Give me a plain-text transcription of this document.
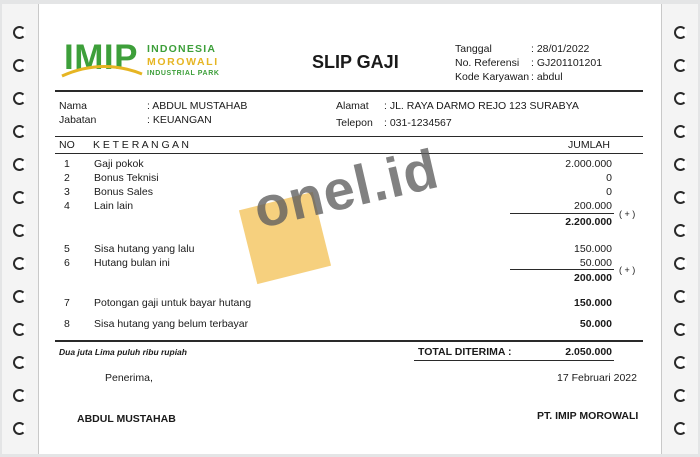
IMIP INDONESIA
MOROWALI
INDUSTRIAL PARK
SLIP GAJI
Tanggal	: 28/01/2022
No. Referensi : GJ201101201
Kode Karyawan : abdul
Nama	: ABDUL MUSTAHAB
Jabatan	: KEUANGAN
Alamat : JL. RAYA DARMO REJO 123 SURABYA
Telepon : 031-1234567
NO K E T E R A N G A N	JUMLAH
1 Gaji pokok	2.000.000
2 Bonus Teknisi	0
3 Bonus Sales	0
4 Lain lain	200.000
2.200.000
( + )
5 Sisa hutang yang lalu	150.000
6 Hutang bulan ini	50.000
200.000
( + )
7 Potongan gaji untuk bayar hutang	150.000
8 Sisa hutang yang belum terbayar	50.000
Dua juta Lima puluh ribu rupiah	TOTAL DITERIMA :	2.050.000
Penerima,	17 Februari 2022
ABDUL MUSTAHAB	PT. IMIP MOROWALI
onel.id
